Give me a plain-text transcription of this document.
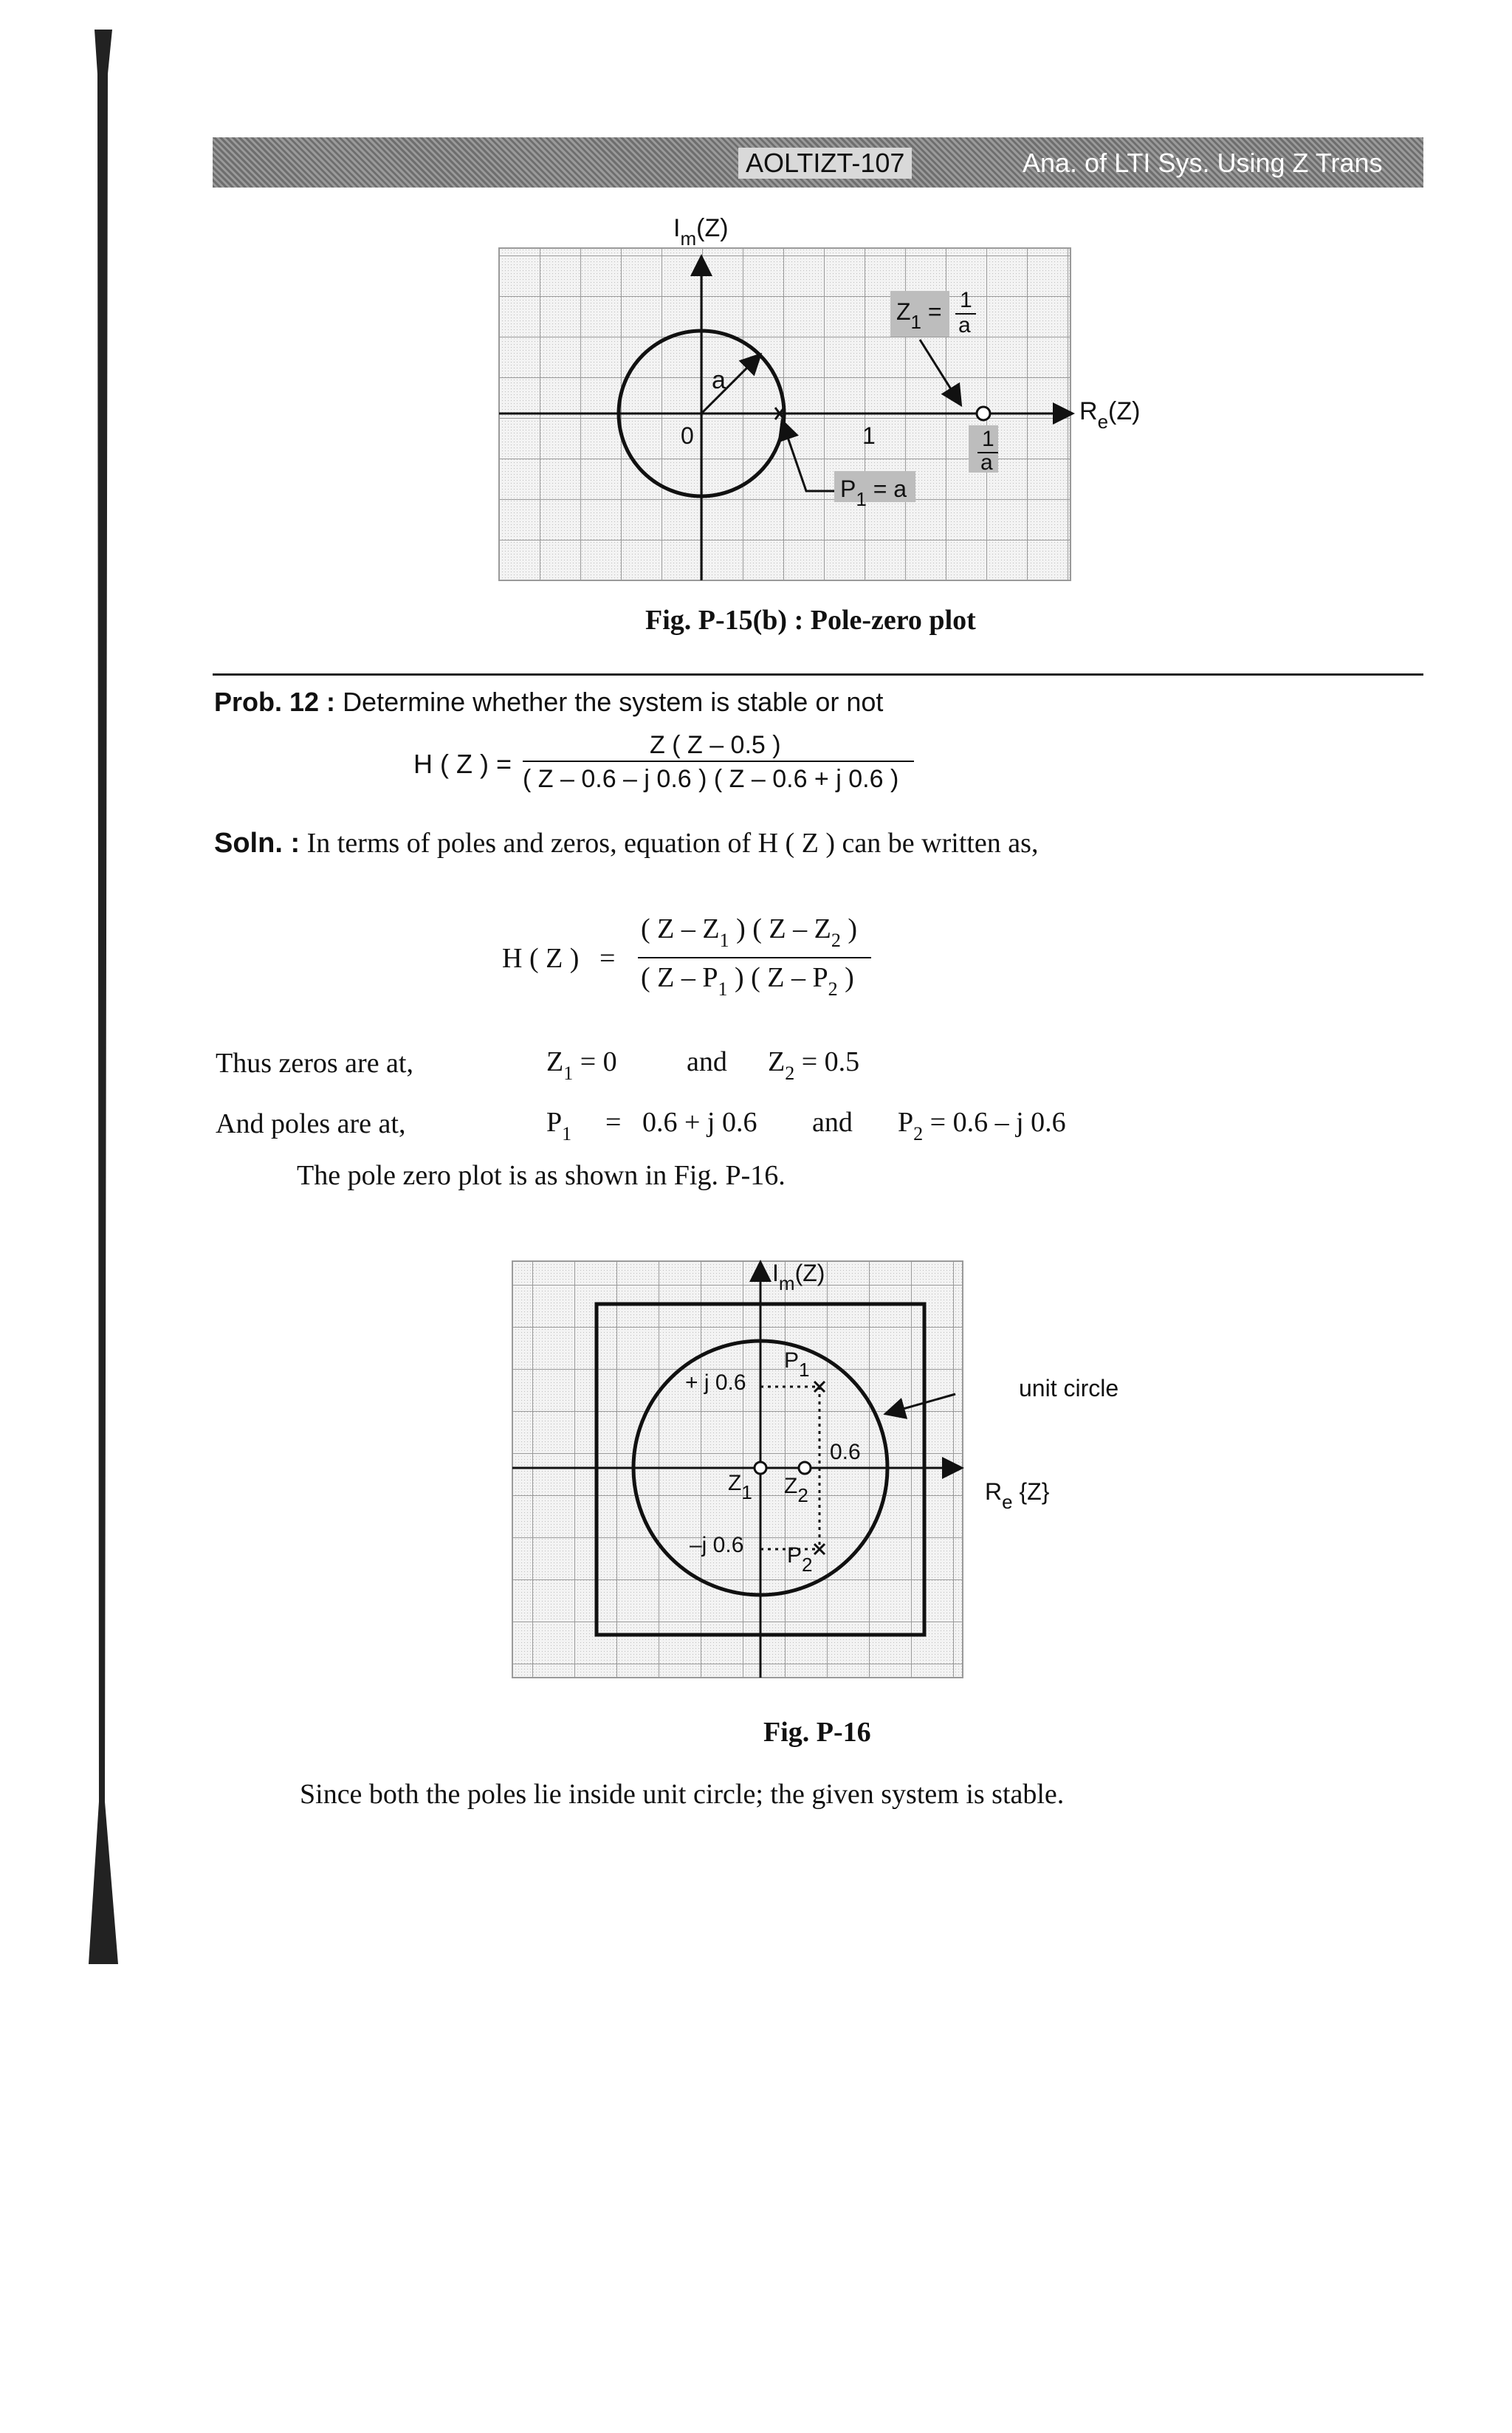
AOLTIZT-107	Ana. of LTI Sys. Using Z Trans
$I_m(Z)$
$R_e(Z)$
0
a
1
$Z_1 = 1$
a
1
a
$P_1 = a$
Fig. P-15(b) : Pole-zero plot
Prob. 12 : Determine whether the system is stable or not
H ( Z ) =
Z ( Z – 0.5 )
( Z – 0.6 – j 0.6 ) ( Z – 0.6 + j 0.6 )
Soln. : In terms of poles and zeros, equation of H ( Z ) can be written as,
H ( Z ) =
( Z – $Z_1$ ) ( Z – $Z_2$ )
( Z – $P_1$ ) ( Z – $P_2$ )
Thus zeros are at,	$Z_1 = 0$ and $Z_2 = 0.5$
And poles are at,	$P_1 = 0.6 + j$ 0.6 and $P_2 = 0.6 - j$ 0.6
The pole zero plot is as shown in Fig. P-16.
$I_m(Z)$
$R_e$ {Z}
+ j 0.6
–j 0.6
P1
P2
Z1 Z2
0.6
unit circle
Fig. P-16
Since both the poles lie inside unit circle; the given system is stable.
